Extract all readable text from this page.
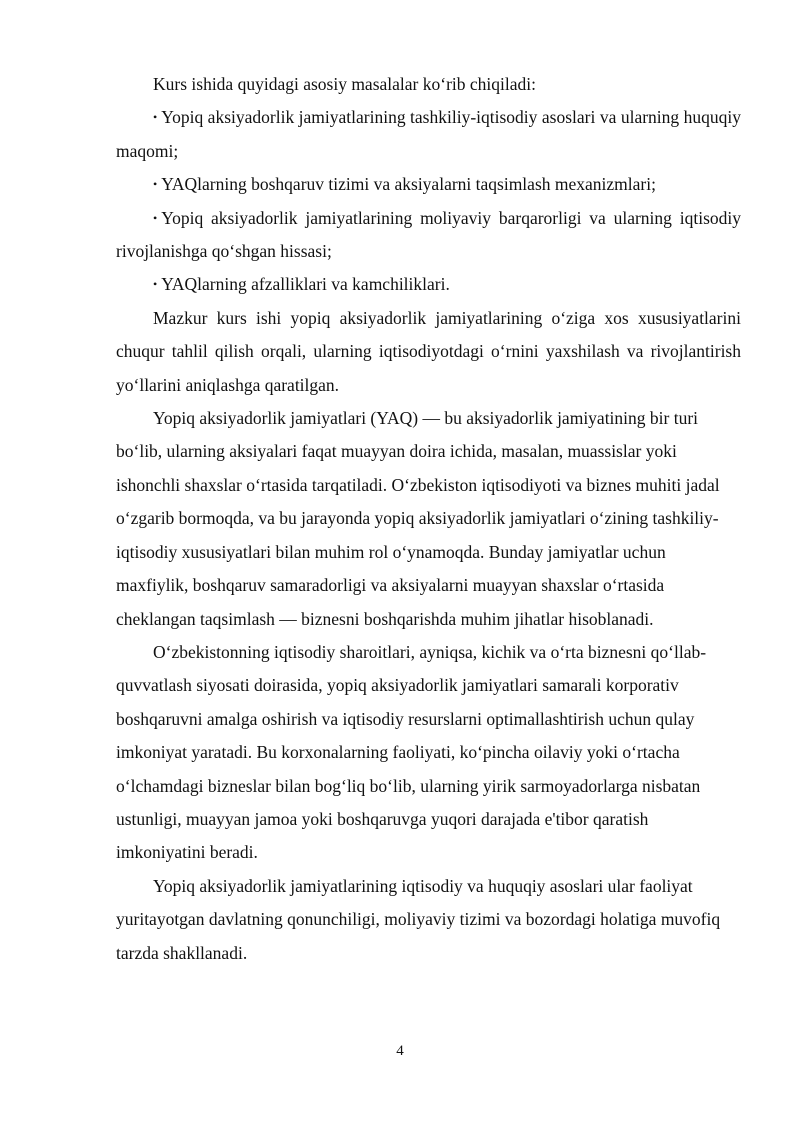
Kurs ishida quyidagi asosiy masalalar ko‘rib chiqiladi:

• Yopiq aksiyadorlik jamiyatlarining tashkiliy-iqtisodiy asoslari va ularning huquqiy maqomi;

• YAQlarning boshqaruv tizimi va aksiyalarni taqsimlash mexanizmlari;

• Yopiq aksiyadorlik jamiyatlarining moliyaviy barqarorligi va ularning iqtisodiy rivojlanishga qo‘shgan hissasi;

• YAQlarning afzalliklari va kamchiliklari.

Mazkur kurs ishi yopiq aksiyadorlik jamiyatlarining o‘ziga xos xususiyatlarini chuqur tahlil qilish orqali, ularning iqtisodiyotdagi o‘rnini yaxshilash va rivojlantirish yo‘llarini aniqlashga qaratilgan.

Yopiq aksiyadorlik jamiyatlari (YAQ) — bu aksiyadorlik jamiyatining bir turi bo‘lib, ularning aksiyalari faqat muayyan doira ichida, masalan, muassislar yoki ishonchli shaxslar o‘rtasida tarqatiladi. O‘zbekiston iqtisodiyoti va biznes muhiti jadal o‘zgarib bormoqda, va bu jarayonda yopiq aksiyadorlik jamiyatlari o‘zining tashkiliy-iqtisodiy xususiyatlari bilan muhim rol o‘ynamoqda. Bunday jamiyatlar uchun maxfiylik, boshqaruv samaradorligi va aksiyalarni muayyan shaxslar o‘rtasida cheklangan taqsimlash — biznesni boshqarishda muhim jihatlar hisoblanadi.

O‘zbekistonning iqtisodiy sharoitlari, ayniqsa, kichik va o‘rta biznesni qo‘llab-quvvatlash siyosati doirasida, yopiq aksiyadorlik jamiyatlari samarali korporativ boshqaruvni amalga oshirish va iqtisodiy resurslarni optimallashtirish uchun qulay imkoniyat yaratadi. Bu korxonalarning faoliyati, ko‘pincha oilaviy yoki o‘rtacha o‘lchamdagi bizneslar bilan bog‘liq bo‘lib, ularning yirik sarmoyadorlarga nisbatan ustunligi, muayyan jamoa yoki boshqaruvga yuqori darajada e'tibor qaratish imkoniyatini beradi.

Yopiq aksiyadorlik jamiyatlarining iqtisodiy va huquqiy asoslari ular faoliyat yuritayotgan davlatning qonunchiligi, moliyaviy tizimi va bozordagi holatiga muvofiq tarzda shakllanadi.

4
